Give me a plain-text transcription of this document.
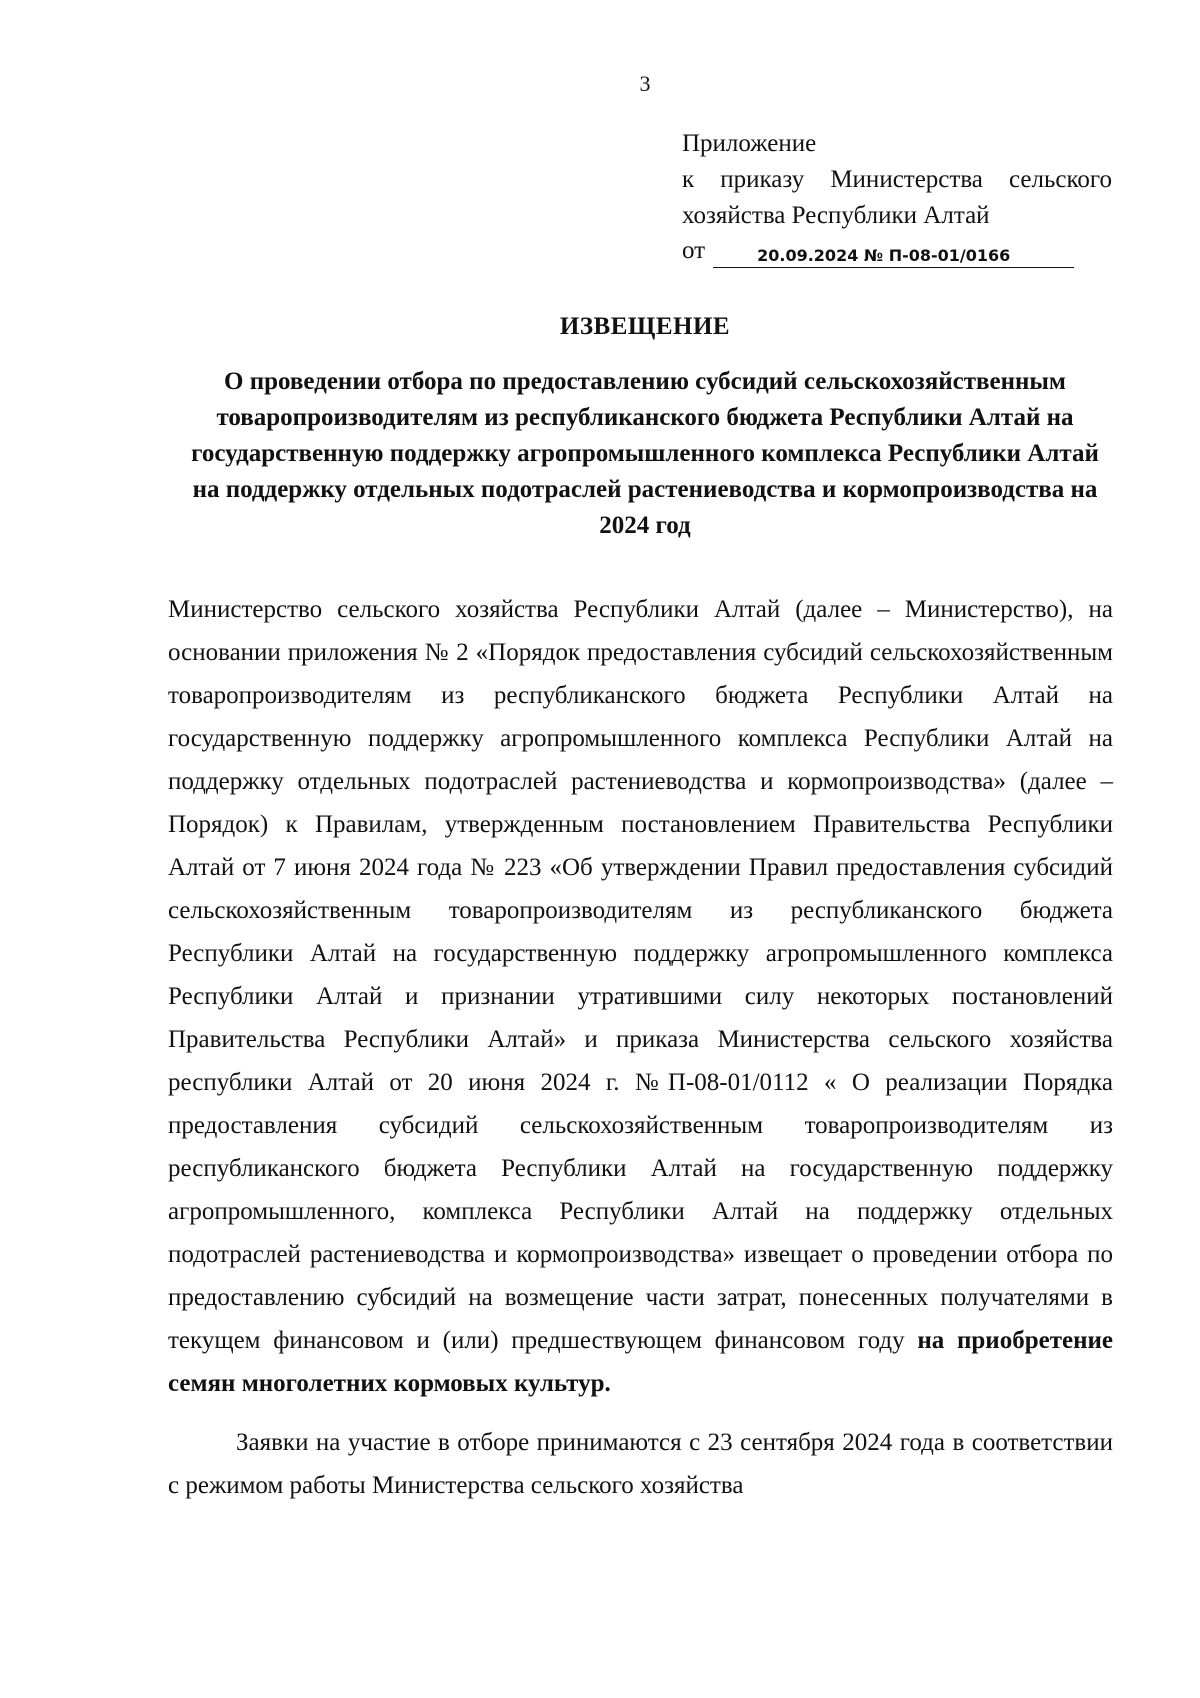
3
Приложение
к приказу Министерства сельского
хозяйства Республики Алтай
от	20.09.2024 № П-08-01/0166
ИЗВЕЩЕНИЕ
О проведении отбора по предоставлению субсидий сельскохозяйственным товаропроизводителям из республиканского бюджета Республики Алтай на государственную поддержку агропромышленного комплекса Республики Алтай на поддержку отдельных подотраслей растениеводства и кормопроизводства на 2024 год

Министерство сельского хозяйства Республики Алтай (далее – Министерство), на основании приложения № 2 «Порядок предоставления субсидий сельскохозяйственным товаропроизводителям из республиканского бюджета Республики Алтай на государственную поддержку агропромышленного комплекса Республики Алтай на поддержку отдельных подотраслей растениеводства и кормопроизводства» (далее – Порядок) к Правилам, утвержденным постановлением Правительства Республики Алтай от 7 июня 2024 года № 223 «Об утверждении Правил предоставления субсидий сельскохозяйственным товаропроизводителям из республиканского бюджета Республики Алтай на государственную поддержку агропромышленного комплекса Республики Алтай и признании утратившими силу некоторых постановлений Правительства Республики Алтай» и приказа Министерства сельского хозяйства республики Алтай от 20 июня 2024 г. №П-08-01/0112 « О реализации Порядка предоставления субсидий сельскохозяйственным товаропроизводителям из республиканского бюджета Республики Алтай на государственную поддержку агропромышленного, комплекса Республики Алтай на поддержку отдельных подотраслей растениеводства и кормопроизводства» извещает о проведении отбора по предоставлению субсидий на возмещение части затрат, понесенных получателями в текущем финансовом и (или) предшествующем финансовом году на приобретение семян многолетних кормовых культур.

Заявки на участие в отборе принимаются с 23 сентября 2024 года в соответствии с режимом работы Министерства сельского хозяйства
